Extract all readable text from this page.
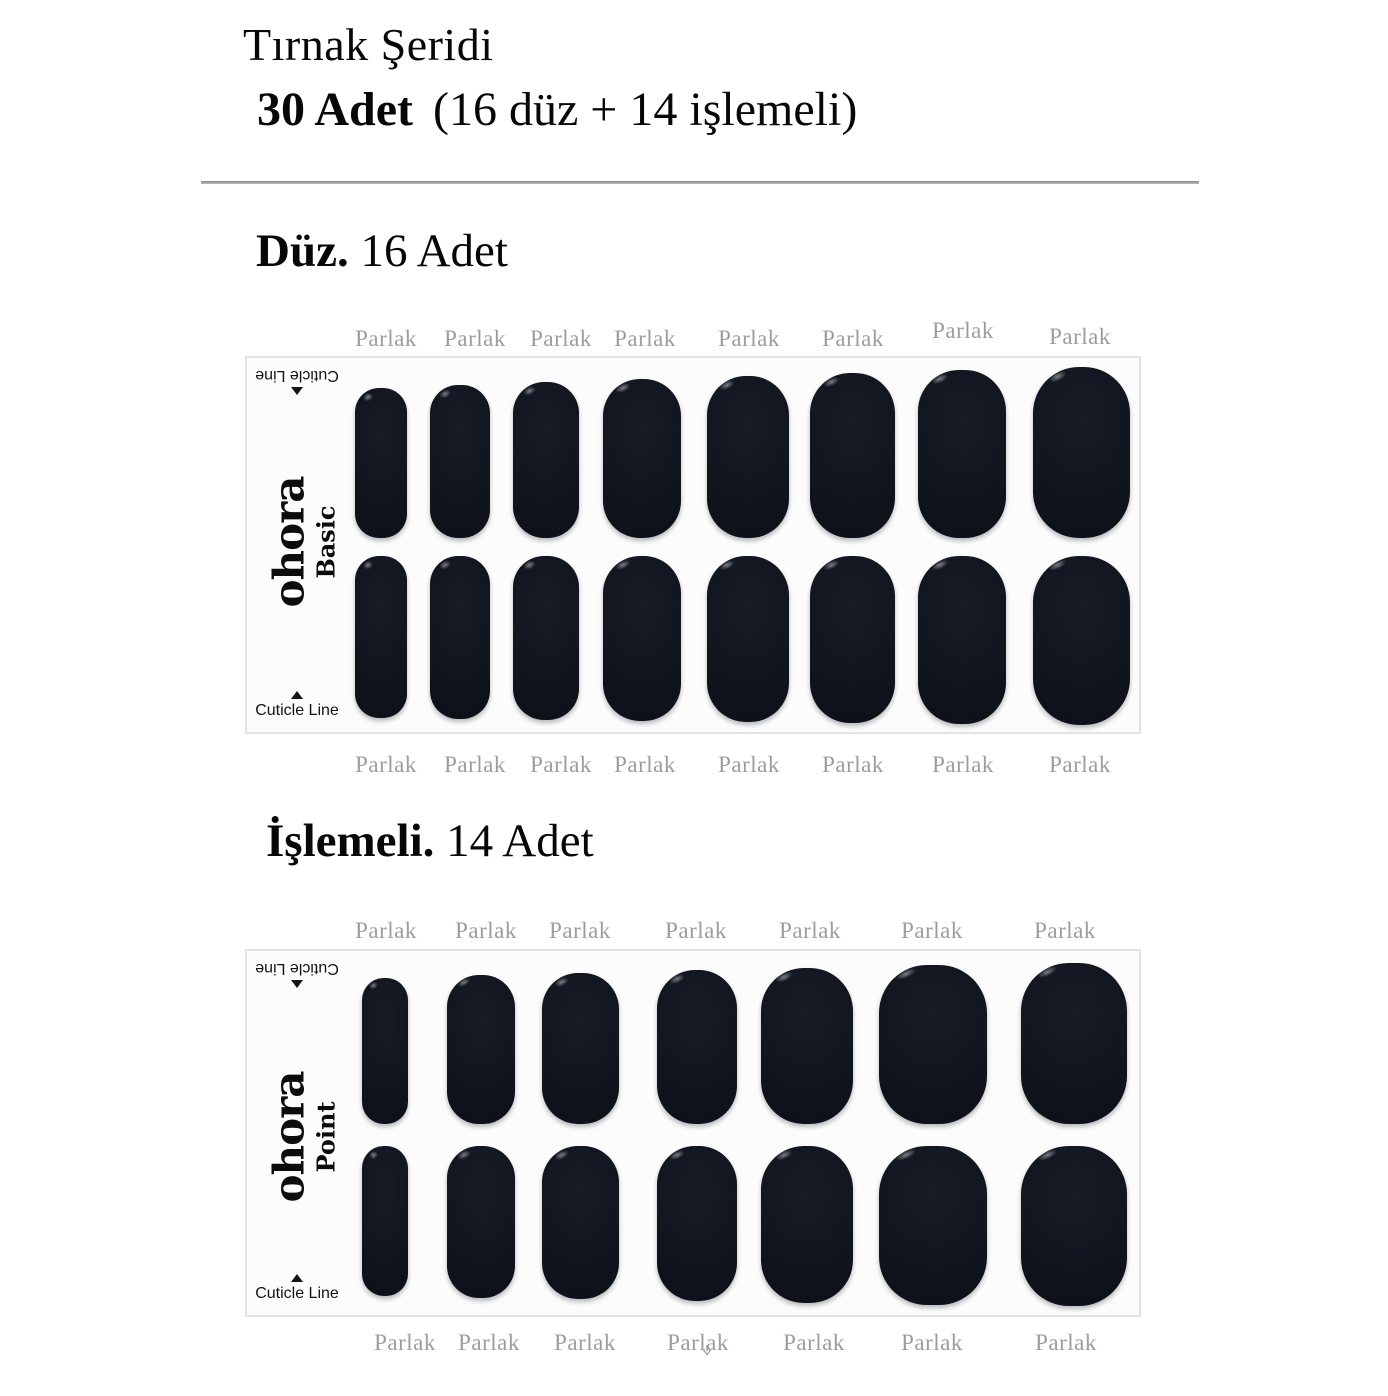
Tırnak Şeridi
30 Adet (16 düz + 14 işlemeli)
Düz. 16 Adet
Parlak Parlak Parlak Parlak Parlak Parlak Parlak Parlak
Cuticle Line
ohora
Basic
Cuticle Line
Parlak Parlak Parlak Parlak Parlak Parlak Parlak Parlak
İşlemeli. 14 Adet
Parlak Parlak Parlak Parlak Parlak	Parlak	Parlak
Cuticle Line
ohora
Point
Cuticle Line
Parlak Parlak Parlak Parlak Parlak Parlak	Parlak
